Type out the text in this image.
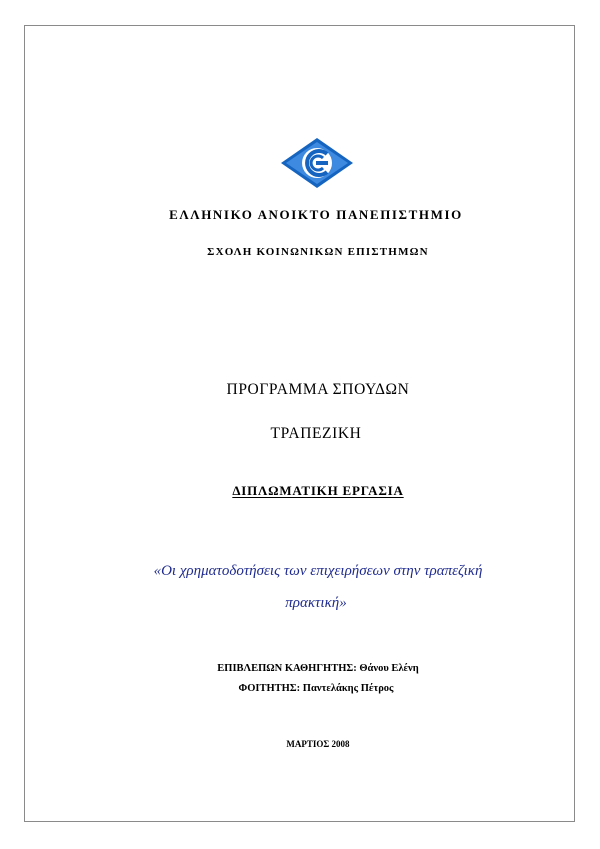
ΕΛΛΗΝΙΚΟ ΑΝΟΙΚΤΟ ΠΑΝΕΠΙΣΤΗΜΙΟ
ΣΧΟΛΗ ΚΟΙΝΩΝΙΚΩΝ ΕΠΙΣΤΗΜΩΝ
ΠΡΟΓΡΑΜΜΑ ΣΠΟΥΔΩΝ
ΤΡΑΠΕΖΙΚΗ
ΔΙΠΛΩΜΑΤΙΚΗ ΕΡΓΑΣΙΑ
«Οι χρηματοδοτήσεις των επιχειρήσεων στην τραπεζική
πρακτική»
ΕΠΙΒΛΕΠΩΝ ΚΑΘΗΓΗΤΗΣ: Θάνου Ελένη
ΦΟΙΤΗΤΗΣ: Παντελάκης Πέτρος
ΜΑΡΤΙΟΣ 2008
